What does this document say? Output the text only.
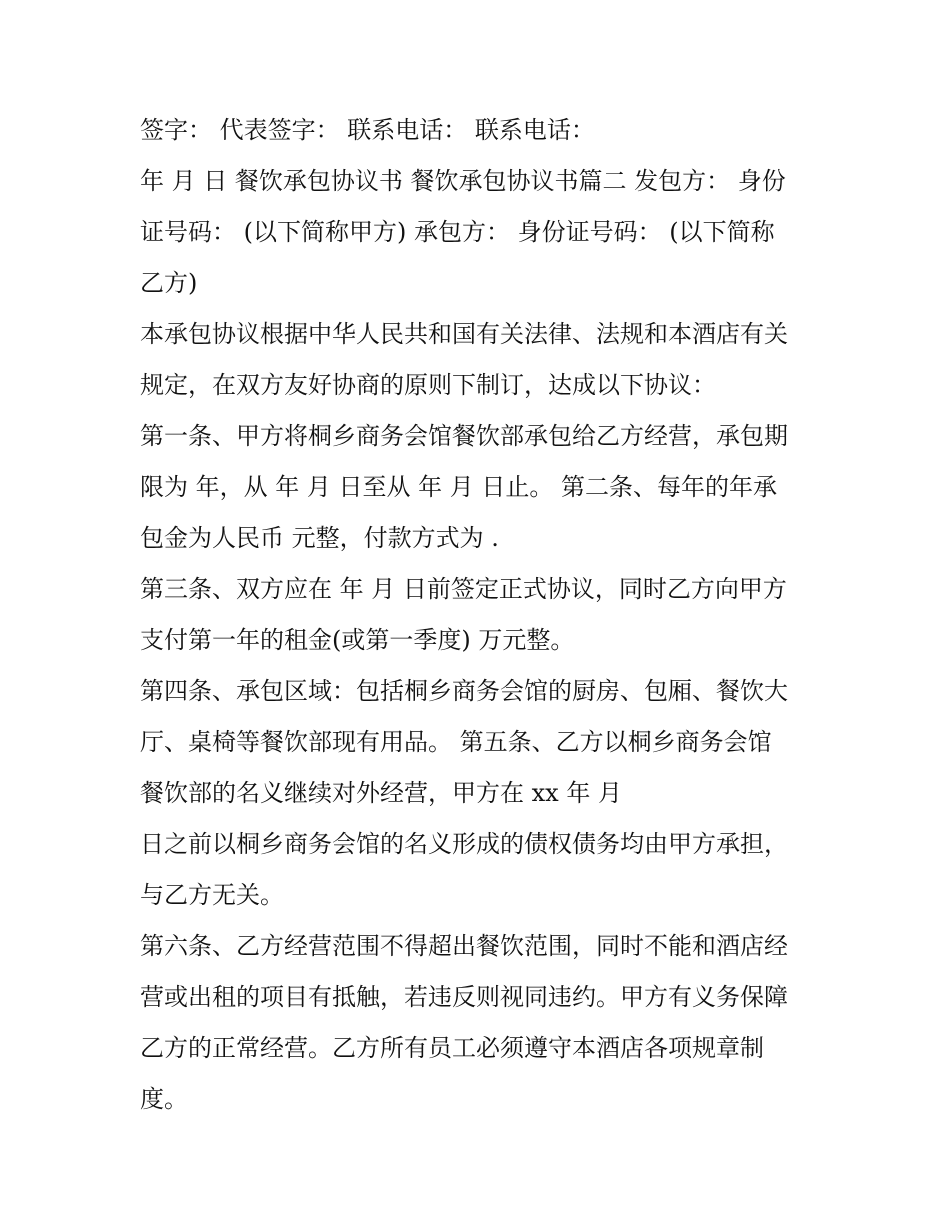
签字： 代表签字： 联系电话： 联系电话：
年 月 日 餐饮承包协议书 餐饮承包协议书篇二 发包方： 身份
证号码： (以下简称甲方) 承包方： 身份证号码： (以下简称
乙方)
本承包协议根据中华人民共和国有关法律、法规和本酒店有关
规定，在双方友好协商的原则下制订，达成以下协议：
第一条、甲方将桐乡商务会馆餐饮部承包给乙方经营，承包期
限为 年，从 年 月 日至从 年 月 日止。 第二条、每年的年承
包金为人民币 元整，付款方式为 .
第三条、双方应在 年 月 日前签定正式协议，同时乙方向甲方
支付第一年的租金(或第一季度) 万元整。
第四条、承包区域：包括桐乡商务会馆的厨房、包厢、餐饮大
厅、桌椅等餐饮部现有用品。 第五条、乙方以桐乡商务会馆
餐饮部的名义继续对外经营，甲方在 xx 年 月
日之前以桐乡商务会馆的名义形成的债权债务均由甲方承担，
与乙方无关。
第六条、乙方经营范围不得超出餐饮范围，同时不能和酒店经
营或出租的项目有抵触，若违反则视同违约。甲方有义务保障
乙方的正常经营。乙方所有员工必须遵守本酒店各项规章制
度。
